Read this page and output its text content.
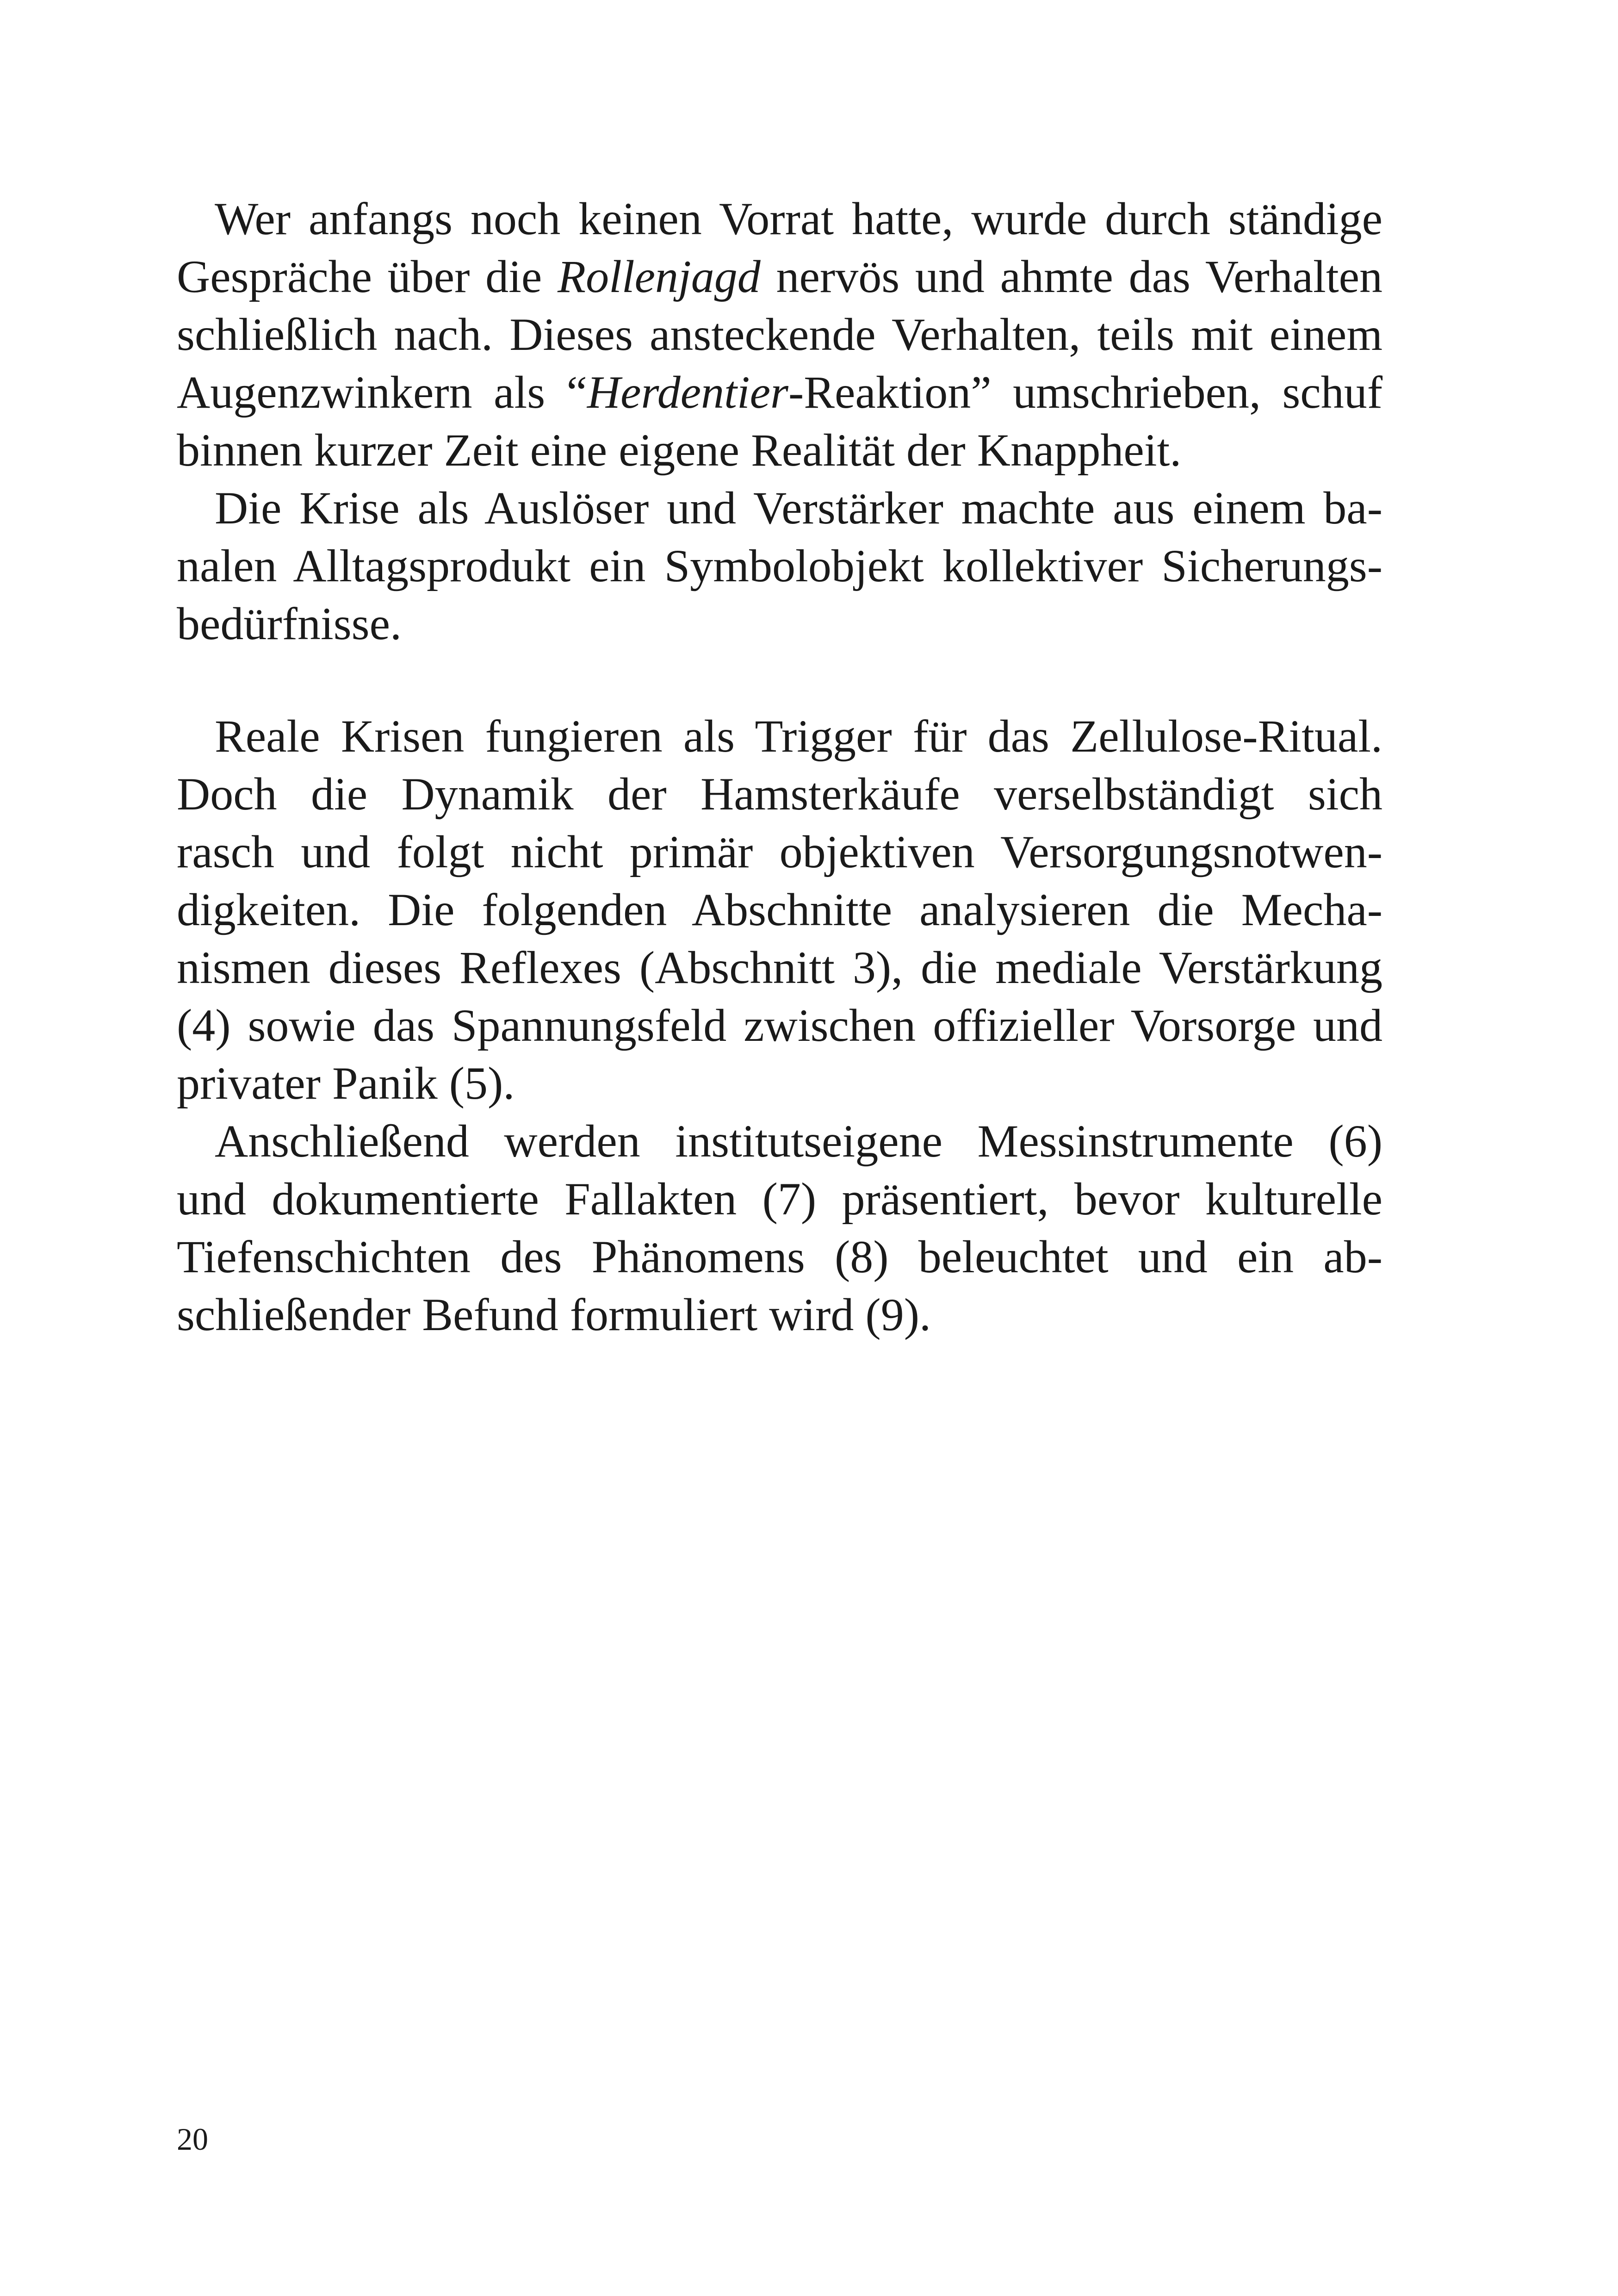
Wer anfangs noch keinen Vorrat hatte, wurde durch ständige
Gespräche über die Rollenjagd nervös und ahmte das Verhalten
schließlich nach. Dieses ansteckende Verhalten, teils mit einem
Augenzwinkern als “Herdentier-Reaktion” umschrieben, schuf
binnen kurzer Zeit eine eigene Realität der Knappheit.
Die Krise als Auslöser und Verstärker machte aus einem ba-
nalen Alltagsprodukt ein Symbolobjekt kollektiver Sicherungs-
bedürfnisse.
Reale Krisen fungieren als Trigger für das Zellulose-Ritual.
Doch die Dynamik der Hamsterkäufe verselbständigt sich
rasch und folgt nicht primär objektiven Versorgungsnotwen-
digkeiten. Die folgenden Abschnitte analysieren die Mecha-
nismen dieses Reflexes (Abschnitt 3), die mediale Verstärkung
(4) sowie das Spannungsfeld zwischen offizieller Vorsorge und
privater Panik (5).
Anschließend werden institutseigene Messinstrumente (6)
und dokumentierte Fallakten (7) präsentiert, bevor kulturelle
Tiefenschichten des Phänomens (8) beleuchtet und ein ab-
schließender Befund formuliert wird (9).
20
